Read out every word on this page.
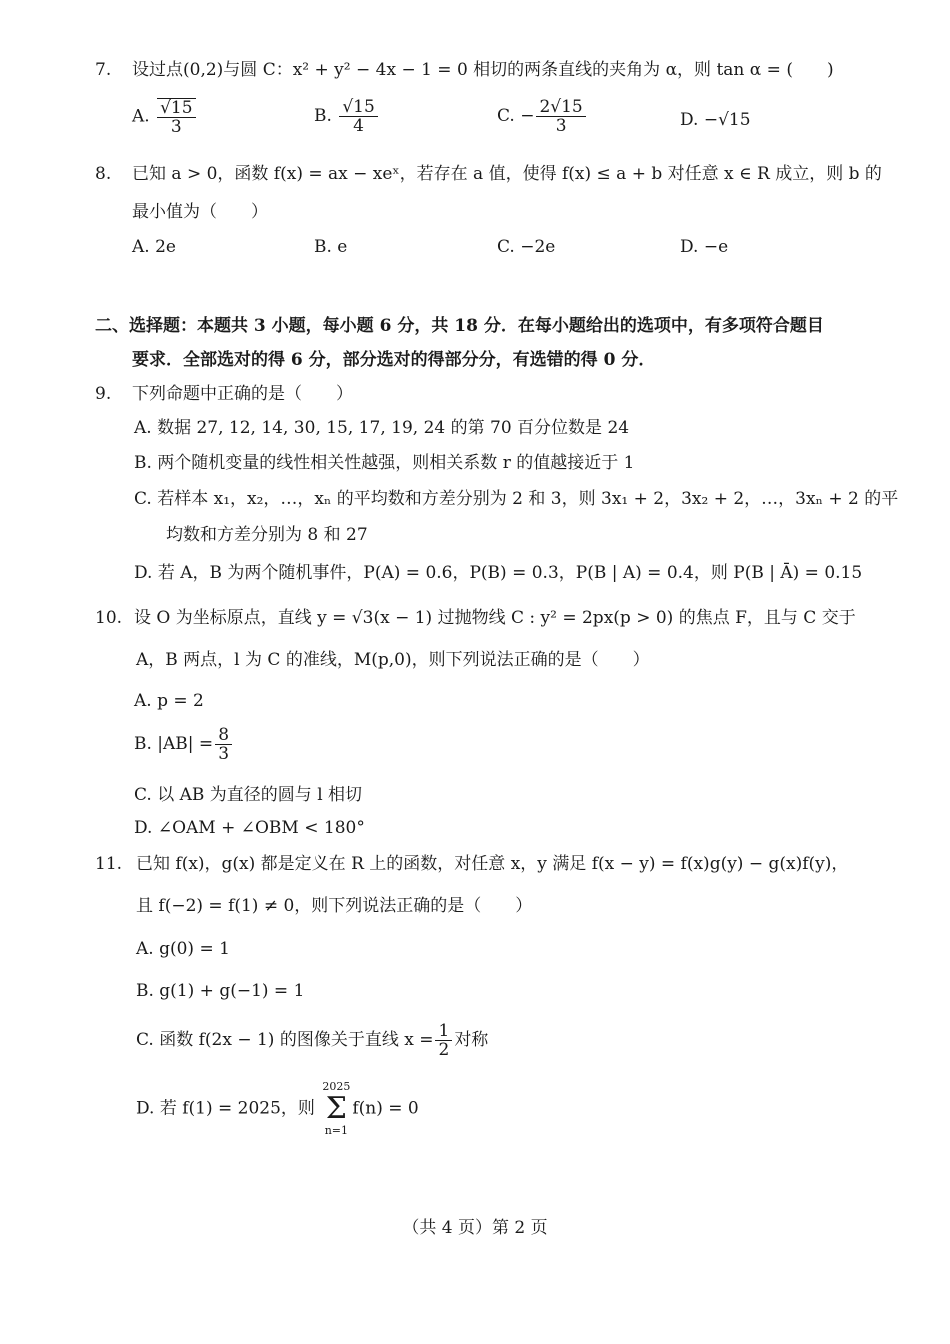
7. 设过点(0,2)与圆 C：x² + y² − 4x − 1 = 0 相切的两条直线的夹角为 α，则 tan α = (　　)
A. $\frac{√15}{3}$	B. $\frac{√15}{4}$	C. − $\frac{2√15}{3}$	D. −√15
8. 已知 a > 0，函数 f(x) = ax − xeˣ，若存在 a 值，使得 f(x) ≤ a + b 对任意 x ∈ R 成立，则 b 的
最小值为（　　）
A. 2e	B. e	C. −2e	D. −e
二、选择题：本题共 3 小题，每小题 6 分，共 18 分．在每小题给出的选项中，有多项符合题目
要求．全部选对的得 6 分，部分选对的得部分分，有选错的得 0 分．
9. 下列命题中正确的是（　　）
A. 数据 27, 12, 14, 30, 15, 17, 19, 24 的第 70 百分位数是 24
B. 两个随机变量的线性相关性越强，则相关系数 r 的值越接近于 1
C. 若样本 x₁，x₂，…，xₙ 的平均数和方差分别为 2 和 3，则 3x₁ + 2，3x₂ + 2，…，3xₙ + 2 的平
均数和方差分别为 8 和 27
D. 若 A，B 为两个随机事件，P(A) = 0.6，P(B) = 0.3，P(B | A) = 0.4，则 P(B | Ā) = 0.15
10. 设 O 为坐标原点，直线 y = √3(x − 1) 过抛物线 C : y² = 2px(p > 0) 的焦点 F，且与 C 交于
A，B 两点，l 为 C 的准线，M(p,0)，则下列说法正确的是（　　）
A. p = 2
B. $|AB| = \frac{8}{3}$
C. 以 AB 为直径的圆与 l 相切
D. ∠OAM + ∠OBM < 180°
11. 已知 f(x)，g(x) 都是定义在 R 上的函数，对任意 x，y 满足 f(x − y) = f(x)g(y) − g(x)f(y)，
且 f(−2) = f(1) ≠ 0，则下列说法正确的是（　　）
A. g(0) = 1
B. g(1) + g(−1) = 1
C. 函数 f(2x − 1) 的图像关于直线 $x = \frac{1}{2}$ 对称
D. 若 f(1) = 2025，则
2025
Σ
n=1
f(n) = 0
（共 4 页）第 2 页
